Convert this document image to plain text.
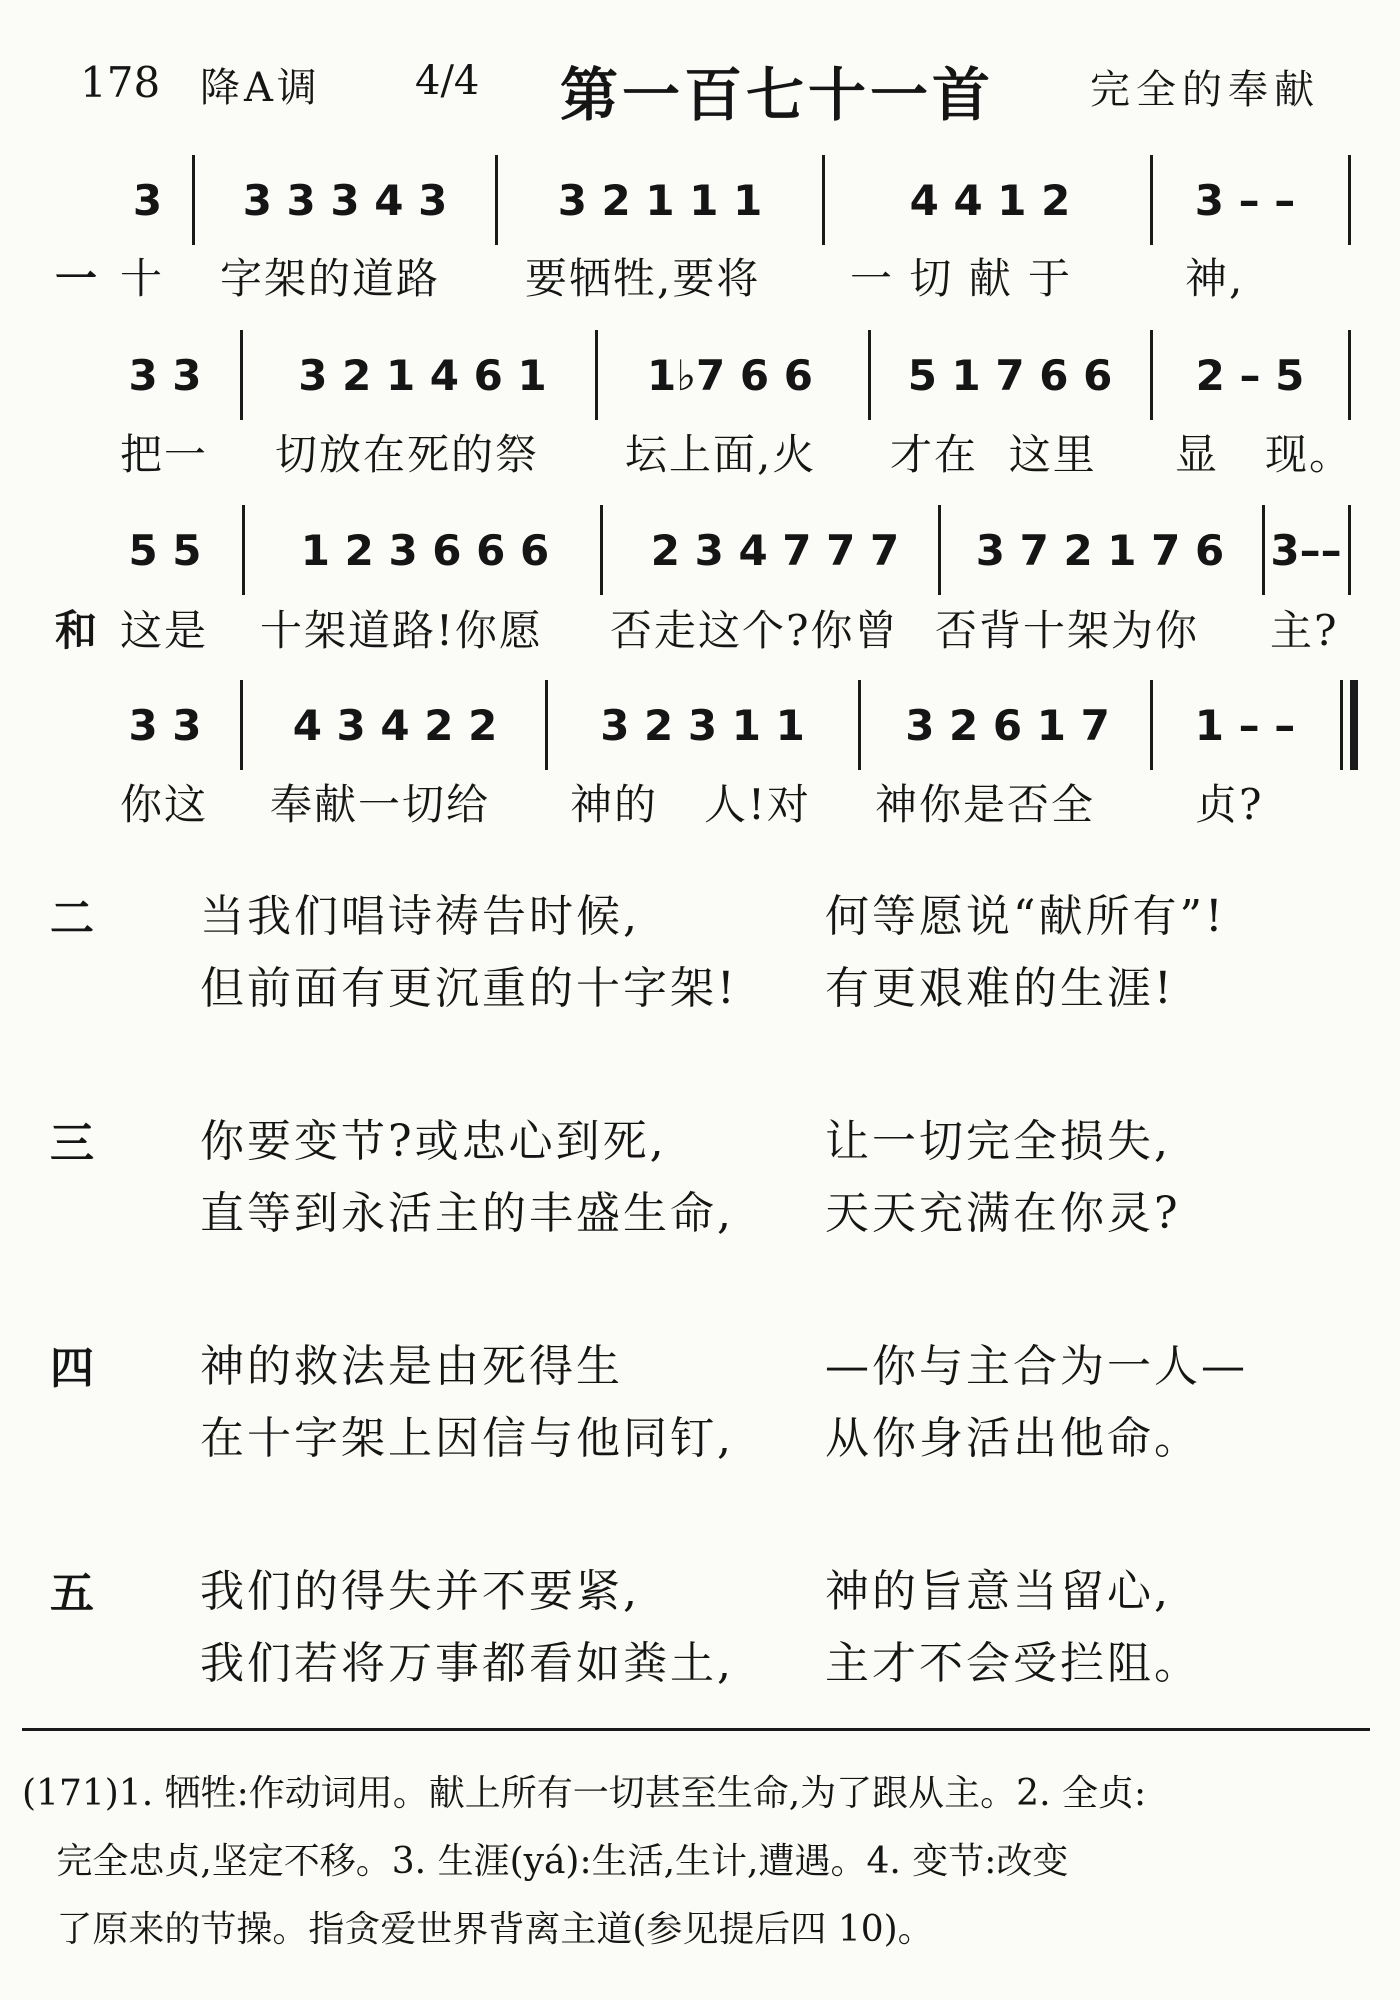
178 降A调 4/4 第一百七十一首 完全的奉献
3	3 3 3 4 3	3 2 1 1 1	4 4 1 2	3 – –
一 十 字架的道路 要牺牲,要将 一 切 献 于	神,
3 3	3 2 1 4 6 1	1♭7 6 6	5 1 7 6 6	2 – 5
把一 切放在死的祭 坛上面,火 才在  这里 显   现。
5 5	1 2 3 6 6 6	2 3 4 7 7 7	3 7 2 1 7 6	3––
和 这是 十架道路!你愿 否走这个?你曾 否背十架为你 主?
3 3	4 3 4 2 2	3 2 3 1 1	3 2 6 1 7	1 – –
你这 奉献一切给 神的   人!对 神你是否全 贞?
二 当我们唱诗祷告时候,	何等愿说“献所有”!
但前面有更沉重的十字架! 有更艰难的生涯!
三 你要变节?或忠心到死,	让一切完全损失,
直等到永活主的丰盛生命, 天天充满在你灵?
四 神的救法是由死得生	—你与主合为一人—
在十字架上因信与他同钉, 从你身活出他命。
五 我们的得失并不要紧,	神的旨意当留心,
我们若将万事都看如粪土, 主才不会受拦阻。
(171)1. 牺牲:作动词用。献上所有一切甚至生命,为了跟从主。2. 全贞:
完全忠贞,坚定不移。3. 生涯(yá):生活,生计,遭遇。4. 变节:改变
了原来的节操。指贪爱世界背离主道(参见提后四 10)。
